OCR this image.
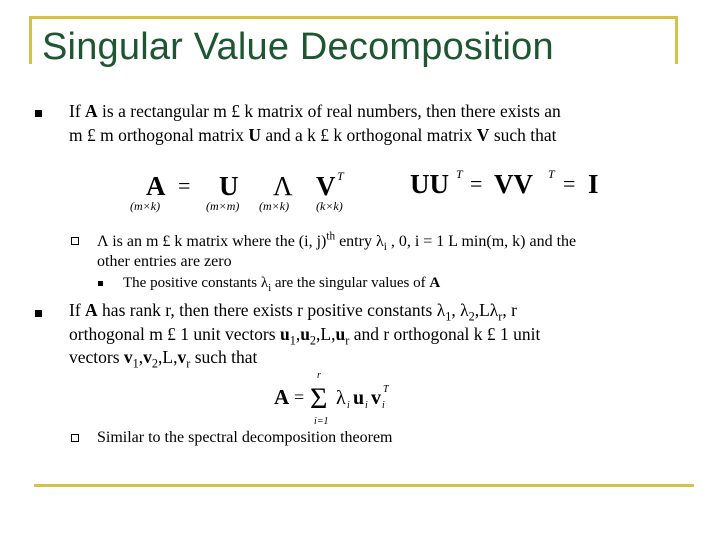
Singular Value Decomposition
If A is a rectangular m £ k matrix of real numbers, then there exists an
m £ m orthogonal matrix U and a k £ k orthogonal matrix V such that
A = U Λ V T
(m×k)	(m×m) (m×k) (k×k)
UU T = VV T = I
Λ is an m £ k matrix where the (i, j)$^{th}$ entry $\lambda_i$ , 0, i = 1 L min(m, k) and the
other entries are zero
The positive constants $\lambda_i$ are the singular values of A
If A has rank r, then there exists r positive constants $\lambda_1$, $\lambda_2,L\lambda_r$, r
orthogonal m £ 1 unit vectors $u_1,u_2,L,u_r$ and r orthogonal k £ 1 unit
vectors $v_1,v_2,L,v_r$ such that
A =
r
Σ
i=1
λ i u i v i
T
Similar to the spectral decomposition theorem
